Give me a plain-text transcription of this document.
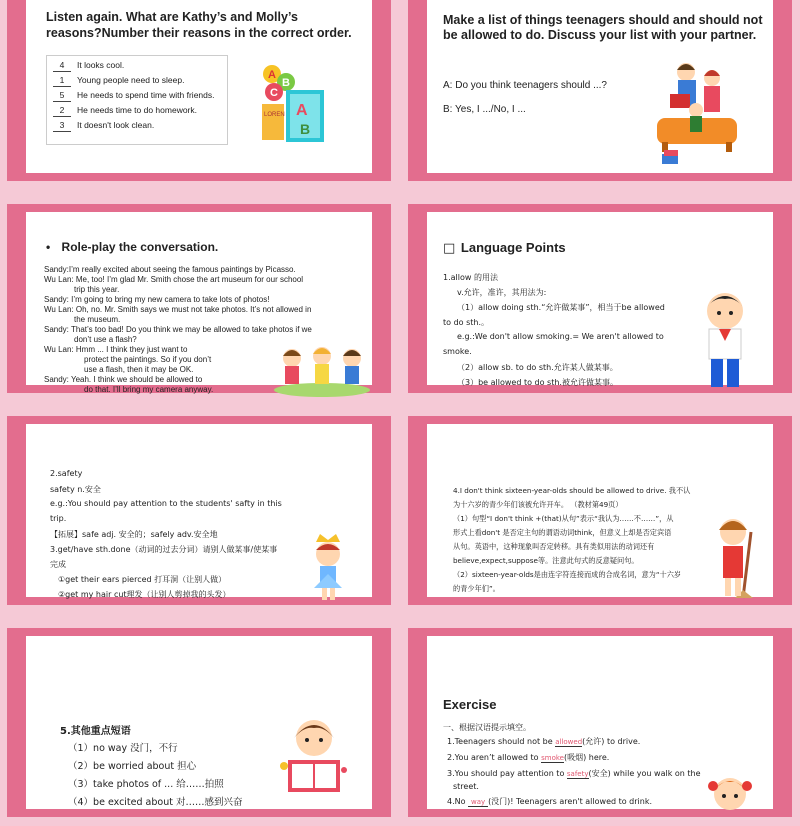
Listen again. What are Kathy’s and Molly’s
reasons?Number their reasons in the correct order.
4 It looks cool.
1 Young people need to sleep.
5 He needs to spend time with friends.
2 He needs time to do homework.
3 It doesn't look clean.
A
B
C
LOREN A
B
Make a list of things teenagers should and should not
be allowed to do. Discuss your list with your partner.
A: Do you think teenagers should ...?
B: Yes, I .../No, I ...
• Role-play the conversation.
Sandy:I’m really excited about seeing the famous paintings by Picasso.
Wu Lan: Me, too! I’m glad Mr. Smith chose the art museum for our school
trip this year.
Sandy: I’m going to bring my new camera to take lots of photos!
Wu Lan: Oh, no. Mr. Smith says we must not take photos. It’s not allowed in
the museum.
Sandy: That’s too bad! Do you think we may be allowed to take photos if we
don’t use a flash?
Wu Lan: Hmm ... I think they just want to
protect the paintings. So if you don’t
use a flash, then it may be OK.
Sandy: Yeah. I think we should be allowed to
do that. I’ll bring my camera anyway.
□ Language Points
1.allow 的用法
v.允许，准许，其用法为:
（1）allow doing sth.“允许做某事”，相当于be allowed
to do sth.。
e.g.:We don't allow smoking.= We aren't allowed to
smoke.
（2）allow sb. to do sth.允许某人做某事。
（3）be allowed to do sth.被允许做某事。
2.safety
safety n.安全
e.g.:You should pay attention to the students' safty in this
trip.
【拓展】safe adj. 安全的；safely adv.安全地
3.get/have sth.done（动词的过去分词）请别人做某事/使某事
完成
①get their ears pierced 打耳洞（让别人做）
②get my hair cut理发（让别人剪掉我的头发）
4.I don't think sixteen-year-olds should be allowed to drive. 我不认
为十六岁的青少年们该被允许开车。 （教材第49页）
（1）句型“I don't think +(that)从句”表示“我认为……不……”，从
形式上看don't 是否定主句的谓语动词think，但意义上却是否定宾语
从句。英语中，这种现象叫否定转移。具有类似用法的动词还有
believe,expect,suppose等。注意此句式的反意疑问句。
（2）sixteen-year-olds是由连字符连接而成的合成名词，意为“十六岁
的青少年们”。
5.其他重点短语
（1）no way 没门，不行
（2）be worried about 担心
（3）take photos of ... 给……拍照
（4）be excited about 对……感到兴奋
Exercise
一、根据汉语提示填空。
1.Teenagers should not be allowed(允许) to drive.
2.You aren’t allowed to smoke(吸烟) here.
3.You should pay attention to safety(安全) while you walk on the
street.
4.No way (没门)! Teenagers aren't allowed to drink.
